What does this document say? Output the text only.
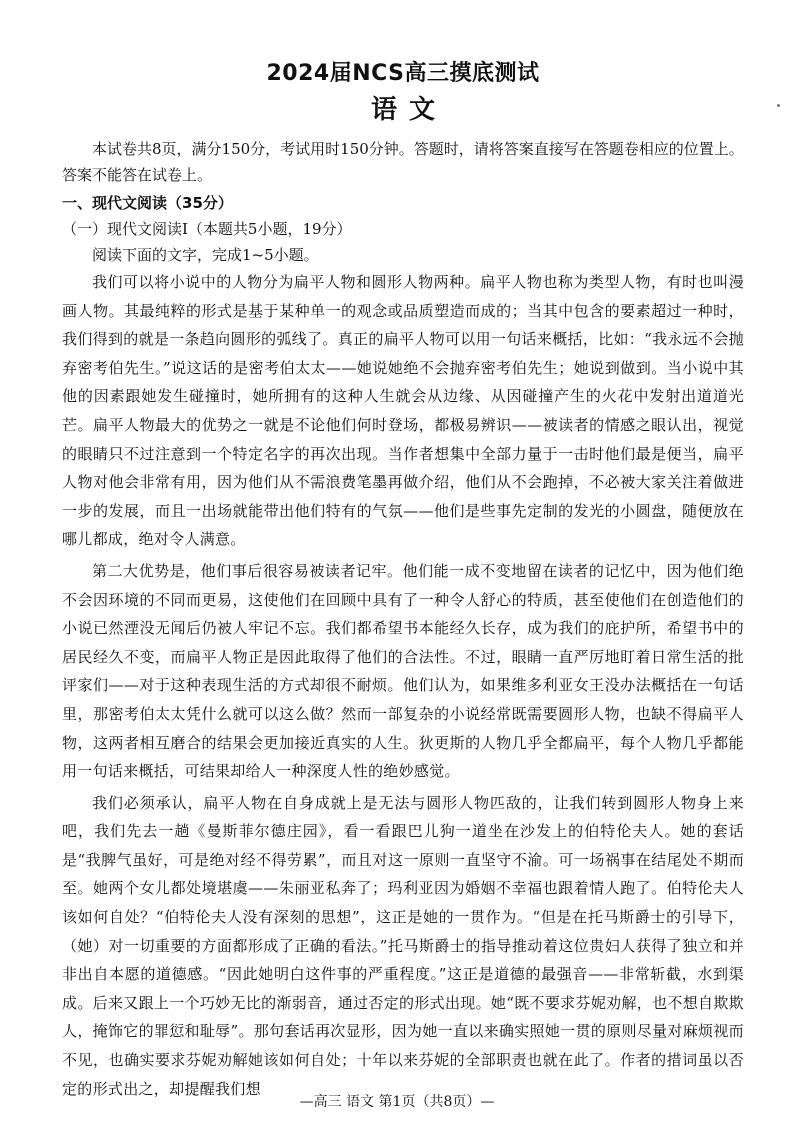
2024届NCS高三摸底测试
语文

本试卷共8页，满分150分，考试用时150分钟。答题时，请将答案直接写在答题卷相应的位置上。答案不能答在试卷上。

一、现代文阅读（35分）
（一）现代文阅读Ⅰ（本题共5小题，19分）
阅读下面的文字，完成1~5小题。

我们可以将小说中的人物分为扁平人物和圆形人物两种。扁平人物也称为类型人物，有时也叫漫画人物。其最纯粹的形式是基于某种单一的观念或品质塑造而成的；当其中包含的要素超过一种时，我们得到的就是一条趋向圆形的弧线了。真正的扁平人物可以用一句话来概括，比如：“我永远不会抛弃密考伯先生。”说这话的是密考伯太太——她说她绝不会抛弃密考伯先生；她说到做到。当小说中其他的因素跟她发生碰撞时，她所拥有的这种人生就会从边缘、从因碰撞产生的火花中发射出道道光芒。扁平人物最大的优势之一就是不论他们何时登场，都极易辨识——被读者的情感之眼认出，视觉的眼睛只不过注意到一个特定名字的再次出现。当作者想集中全部力量于一击时他们最是便当，扁平人物对他会非常有用，因为他们从不需浪费笔墨再做介绍，他们从不会跑掉，不必被大家关注着做进一步的发展，而且一出场就能带出他们特有的气氛——他们是些事先定制的发光的小圆盘，随便放在哪儿都成，绝对令人满意。

第二大优势是，他们事后很容易被读者记牢。他们能一成不变地留在读者的记忆中，因为他们绝不会因环境的不同而更易，这使他们在回顾中具有了一种令人舒心的特质，甚至使他们在创造他们的小说已然湮没无闻后仍被人牢记不忘。我们都希望书本能经久长存，成为我们的庇护所，希望书中的居民经久不变，而扁平人物正是因此取得了他们的合法性。不过，眼睛一直严厉地盯着日常生活的批评家们——对于这种表现生活的方式却很不耐烦。他们认为，如果维多利亚女王没办法概括在一句话里，那密考伯太太凭什么就可以这么做？然而一部复杂的小说经常既需要圆形人物，也缺不得扁平人物，这两者相互磨合的结果会更加接近真实的人生。狄更斯的人物几乎全都扁平，每个人物几乎都能用一句话来概括，可结果却给人一种深度人性的绝妙感觉。

我们必须承认，扁平人物在自身成就上是无法与圆形人物匹敌的，让我们转到圆形人物身上来吧，我们先去一趟《曼斯菲尔德庄园》，看一看跟巴儿狗一道坐在沙发上的伯特伦夫人。她的套话是“我脾气虽好，可是绝对经不得劳累”，而且对这一原则一直坚守不渝。可一场祸事在结尾处不期而至。她两个女儿都处境堪虞——朱丽亚私奔了；玛利亚因为婚姻不幸福也跟着情人跑了。伯特伦夫人该如何自处？“伯特伦夫人没有深刻的思想”，这正是她的一贯作为。“但是在托马斯爵士的引导下，（她）对一切重要的方面都形成了正确的看法。”托马斯爵士的指导推动着这位贵妇人获得了独立和并非出自本愿的道德感。“因此她明白这件事的严重程度。”这正是道德的最强音——非常斩截，水到渠成。后来又跟上一个巧妙无比的渐弱音，通过否定的形式出现。她“既不要求芬妮劝解，也不想自欺欺人，掩饰它的罪愆和耻辱”。那句套话再次显形，因为她一直以来确实照她一贯的原则尽量对麻烦视而不见，也确实要求芬妮劝解她该如何自处；十年以来芬妮的全部职责也就在此了。作者的措词虽以否定的形式出之，却提醒我们想

—高三 语文 第1页（共8页）—
